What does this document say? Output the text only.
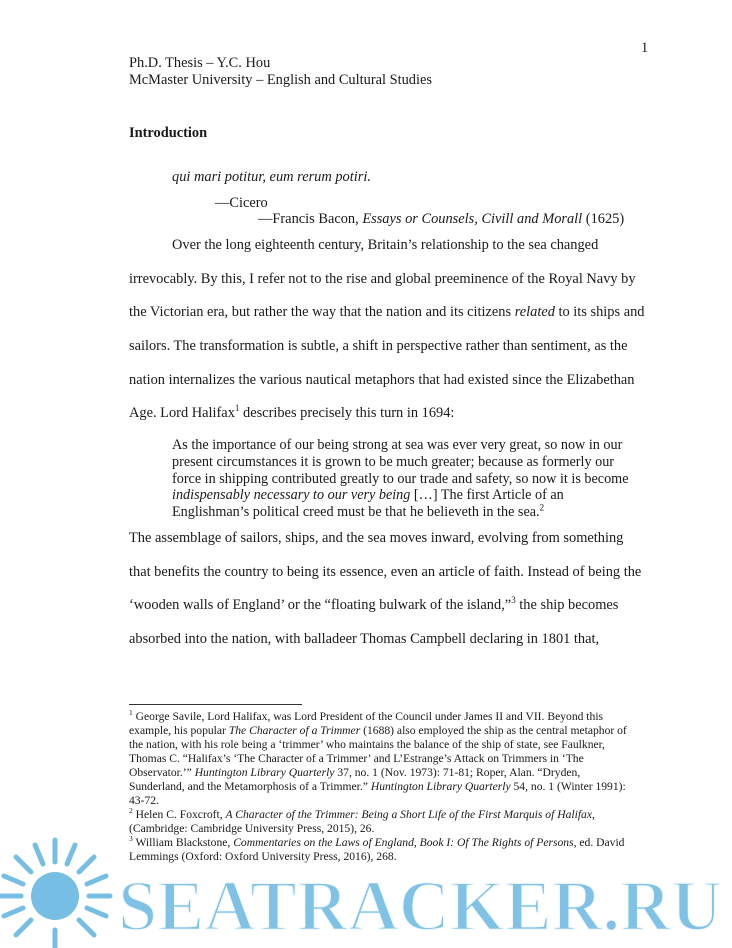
1
Ph.D. Thesis – Y.C. Hou
McMaster University – English and Cultural Studies
Introduction
qui mari potitur, eum rerum potiri.
—Cicero
—Francis Bacon, Essays or Counsels, Civill and Morall (1625)
Over the long eighteenth century, Britain’s relationship to the sea changed
irrevocably. By this, I refer not to the rise and global preeminence of the Royal Navy by
the Victorian era, but rather the way that the nation and its citizens related to its ships and
sailors. The transformation is subtle, a shift in perspective rather than sentiment, as the
nation internalizes the various nautical metaphors that had existed since the Elizabethan
Age. Lord Halifax$^1$ describes precisely this turn in 1694:
As the importance of our being strong at sea was ever very great, so now in our
present circumstances it is grown to be much greater; because as formerly our
force in shipping contributed greatly to our trade and safety, so now it is become
indispensably necessary to our very being […] The first Article of an
Englishman’s political creed must be that he believeth in the sea.$^2$
The assemblage of sailors, ships, and the sea moves inward, evolving from something
that benefits the country to being its essence, even an article of faith. Instead of being the
‘wooden walls of England’ or the “floating bulwark of the island,”$^3$ the ship becomes
absorbed into the nation, with balladeer Thomas Campbell declaring in 1801 that,
$^1$ George Savile, Lord Halifax, was Lord President of the Council under James II and VII. Beyond this
example, his popular The Character of a Trimmer (1688) also employed the ship as the central metaphor of
the nation, with his role being a ‘trimmer’ who maintains the balance of the ship of state, see Faulkner,
Thomas C. “Halifax’s ‘The Character of a Trimmer’ and L’Estrange’s Attack on Trimmers in ‘The
Observator.’” Huntington Library Quarterly 37, no. 1 (Nov. 1973): 71-81; Roper, Alan. “Dryden,
Sunderland, and the Metamorphosis of a Trimmer.” Huntington Library Quarterly 54, no. 1 (Winter 1991):
43-72.
$^2$ Helen C. Foxcroft, A Character of the Trimmer: Being a Short Life of the First Marquis of Halifax,
(Cambridge: Cambridge University Press, 2015), 26.
$^3$ William Blackstone, Commentaries on the Laws of England, Book I: Of The Rights of Persons, ed. David
Lemmings (Oxford: Oxford University Press, 2016), 268.
SEATRACKER.RU
